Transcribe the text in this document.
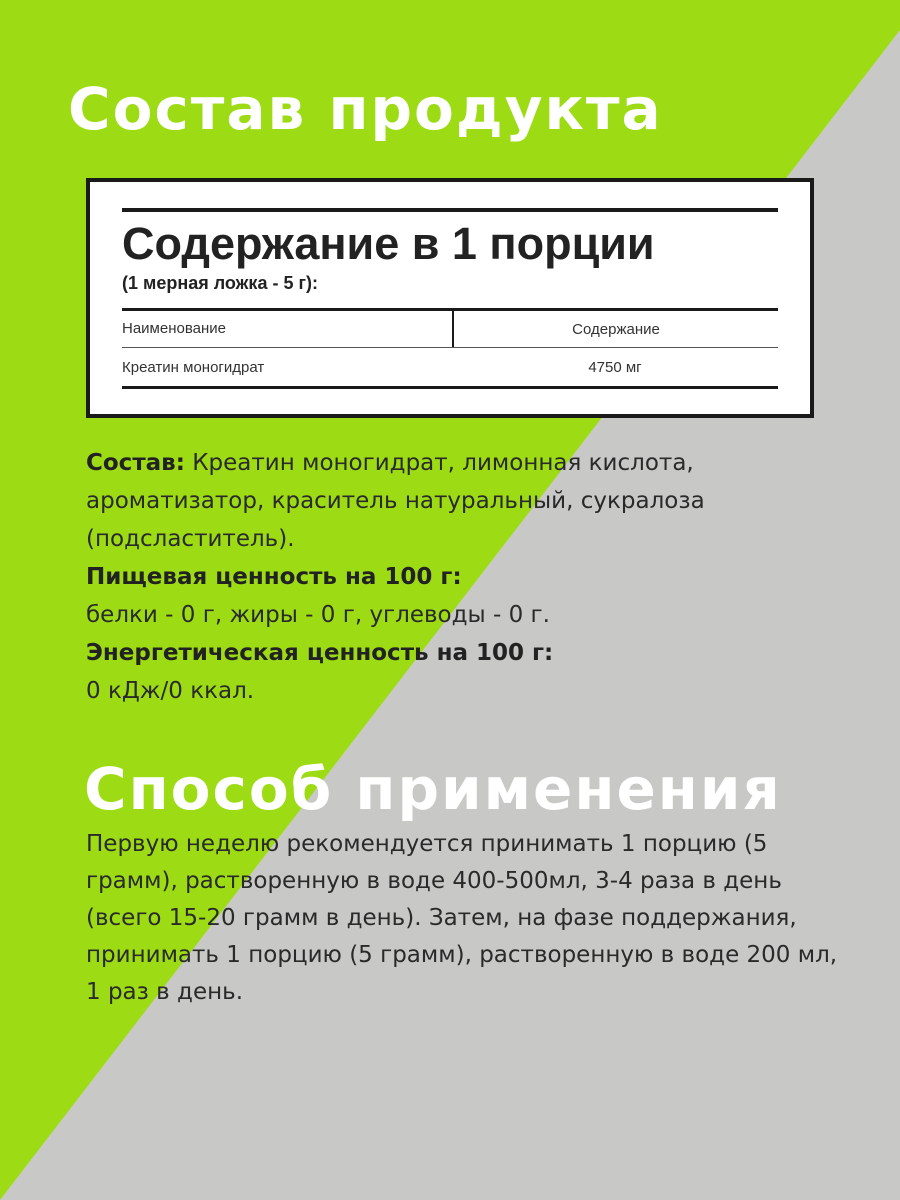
Состав продукта
Содержание в 1 порции
(1 мерная ложка - 5 г):
Наименование	Содержание
Креатин моногидрат	4750 мг

Состав: Креатин моногидрат, лимонная кислота, ароматизатор, краситель натуральный, сукралоза (подсластитель).

Пищевая ценность на 100 г:

белки - 0 г, жиры - 0 г, углеводы - 0 г.

Энергетическая ценность на 100 г:

0 кДж/0 ккал.

Способ применения

Первую неделю рекомендуется принимать 1 порцию (5 грамм), растворенную в воде 400-500мл, 3-4 раза в день (всего 15-20 грамм в день). Затем, на фазе поддержания, принимать 1 порцию (5 грамм), растворенную в воде 200 мл, 1 раз в день.
